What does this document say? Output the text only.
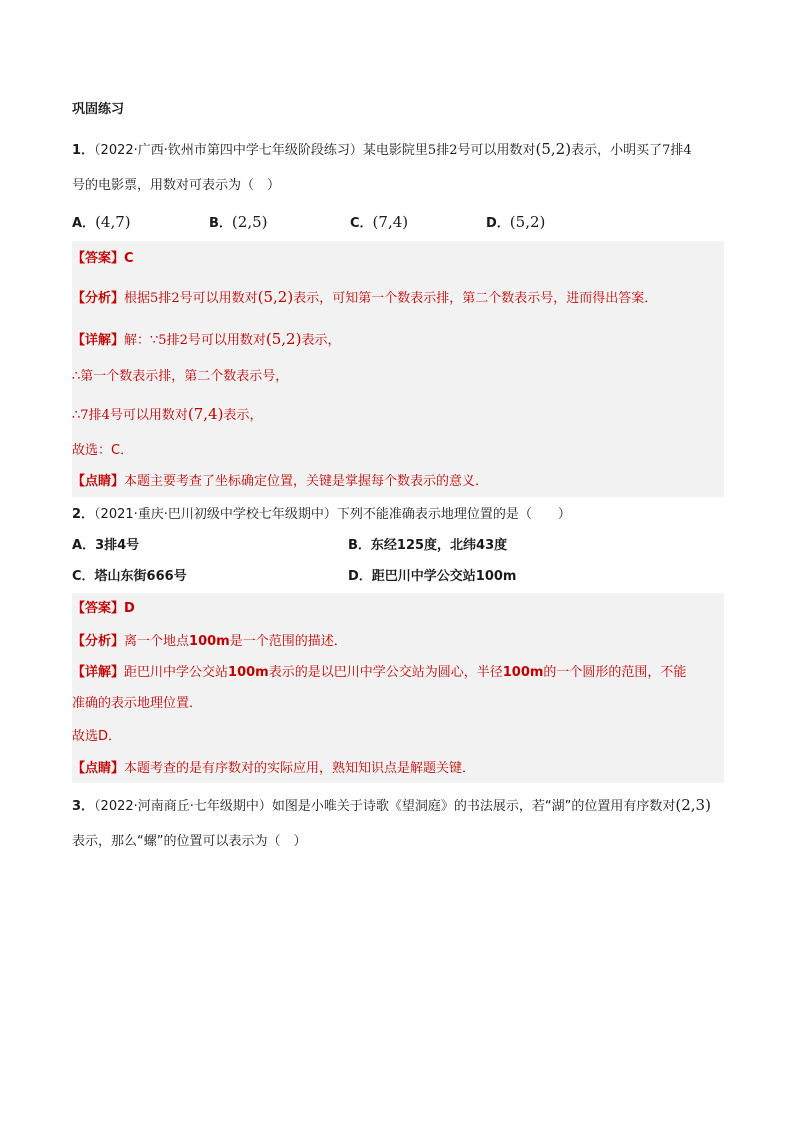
巩固练习
1．（2022·广西·钦州市第四中学七年级阶段练习）某电影院里5排2号可以用数对(5,2)表示，小明买了7排4
号的电影票，用数对可表示为（　）
A．(4,7)	B．(2,5)	C．(7,4)	D．(5,2)
【答案】C
【分析】根据5排2号可以用数对(5,2)表示，可知第一个数表示排，第二个数表示号，进而得出答案．
【详解】解：∵5排2号可以用数对(5,2)表示，
∴第一个数表示排，第二个数表示号，
∴7排4号可以用数对(7,4)表示，
故选：C．
【点睛】本题主要考查了坐标确定位置，关键是掌握每个数表示的意义．
2．（2021·重庆·巴川初级中学校七年级期中）下列不能准确表示地理位置的是（　　）
A．3排4号	B．东经125度，北纬43度
C．塔山东街666号	D．距巴川中学公交站100m
【答案】D
【分析】离一个地点100m是一个范围的描述．
【详解】距巴川中学公交站100m表示的是以巴川中学公交站为圆心，半径100m的一个圆形的范围，不能
准确的表示地理位置．
故选D．
【点睛】本题考查的是有序数对的实际应用，熟知知识点是解题关键．
3．（2022·河南商丘·七年级期中）如图是小唯关于诗歌《望洞庭》的书法展示，若“湖”的位置用有序数对(2,3)
表示，那么“螺”的位置可以表示为（　）
